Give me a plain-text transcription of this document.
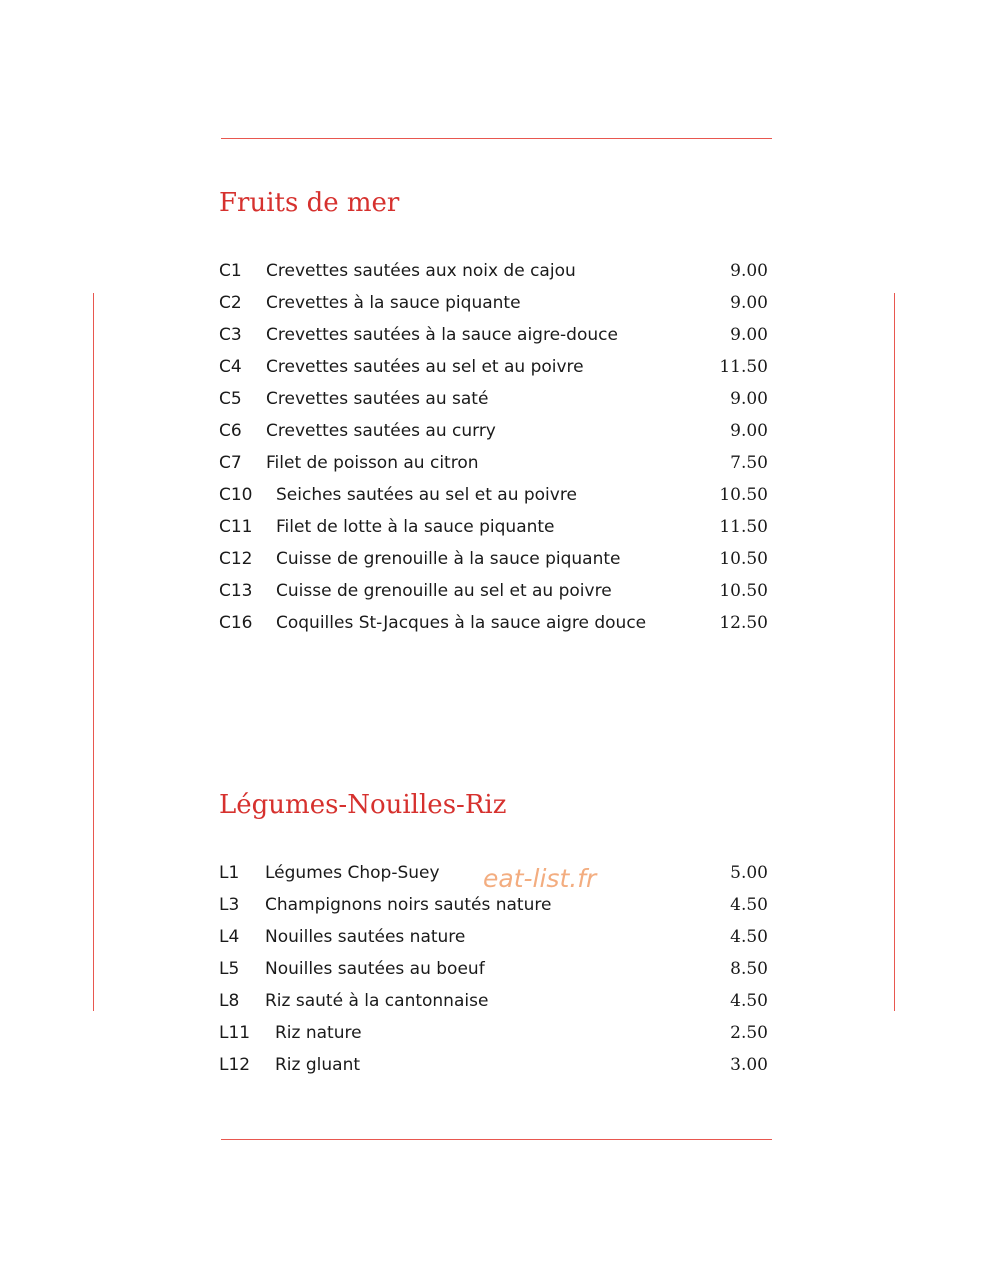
Fruits de mer
C1 Crevettes sautées aux noix de cajou	9.00
C2 Crevettes à la sauce piquante	9.00
C3 Crevettes sautées à la sauce aigre-douce	9.00
C4 Crevettes sautées au sel et au poivre	11.50
C5 Crevettes sautées au saté	9.00
C6 Crevettes sautées au curry	9.00
C7 Filet de poisson au citron	7.50
C10 Seiches sautées au sel et au poivre	10.50
C11 Filet de lotte à la sauce piquante	11.50
C12 Cuisse de grenouille à la sauce piquante	10.50
C13 Cuisse de grenouille au sel et au poivre	10.50
C16 Coquilles St-Jacques à la sauce aigre douce	12.50
Légumes-Nouilles-Riz
L1 Légumes Chop-Suey	5.00
L3 Champignons noirs sautés nature	4.50
L4 Nouilles sautées nature	4.50
L5 Nouilles sautées au boeuf	8.50
L8 Riz sauté à la cantonnaise	4.50
L11 Riz nature	2.50
L12 Riz gluant	3.00
eat-list.fr
